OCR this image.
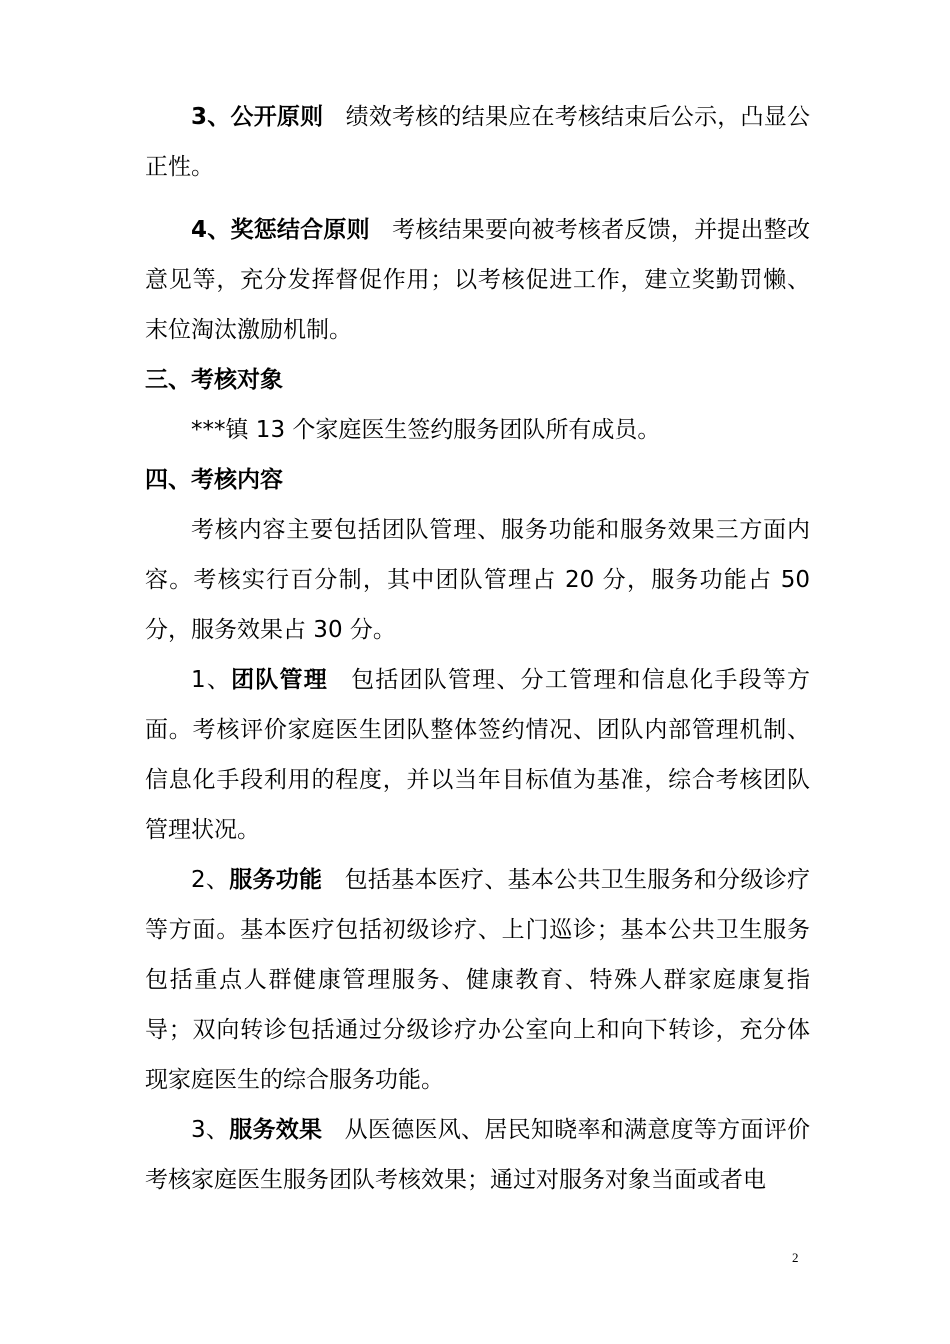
3、公开原则 绩效考核的结果应在考核结束后公示，凸显公正性。

4、奖惩结合原则 考核结果要向被考核者反馈，并提出整改意见等，充分发挥督促作用；以考核促进工作，建立奖勤罚懒、末位淘汰激励机制。

三、考核对象

***镇 13 个家庭医生签约服务团队所有成员。

四、考核内容

考核内容主要包括团队管理、服务功能和服务效果三方面内容。考核实行百分制，其中团队管理占 20 分，服务功能占 50 分，服务效果占 30 分。

1、团队管理 包括团队管理、分工管理和信息化手段等方面。考核评价家庭医生团队整体签约情况、团队内部管理机制、信息化手段利用的程度，并以当年目标值为基准，综合考核团队管理状况。

2、服务功能 包括基本医疗、基本公共卫生服务和分级诊疗等方面。基本医疗包括初级诊疗、上门巡诊；基本公共卫生服务包括重点人群健康管理服务、健康教育、特殊人群家庭康复指导；双向转诊包括通过分级诊疗办公室向上和向下转诊，充分体现家庭医生的综合服务功能。

3、服务效果 从医德医风、居民知晓率和满意度等方面评价考核家庭医生服务团队考核效果；通过对服务对象当面或者电

2
